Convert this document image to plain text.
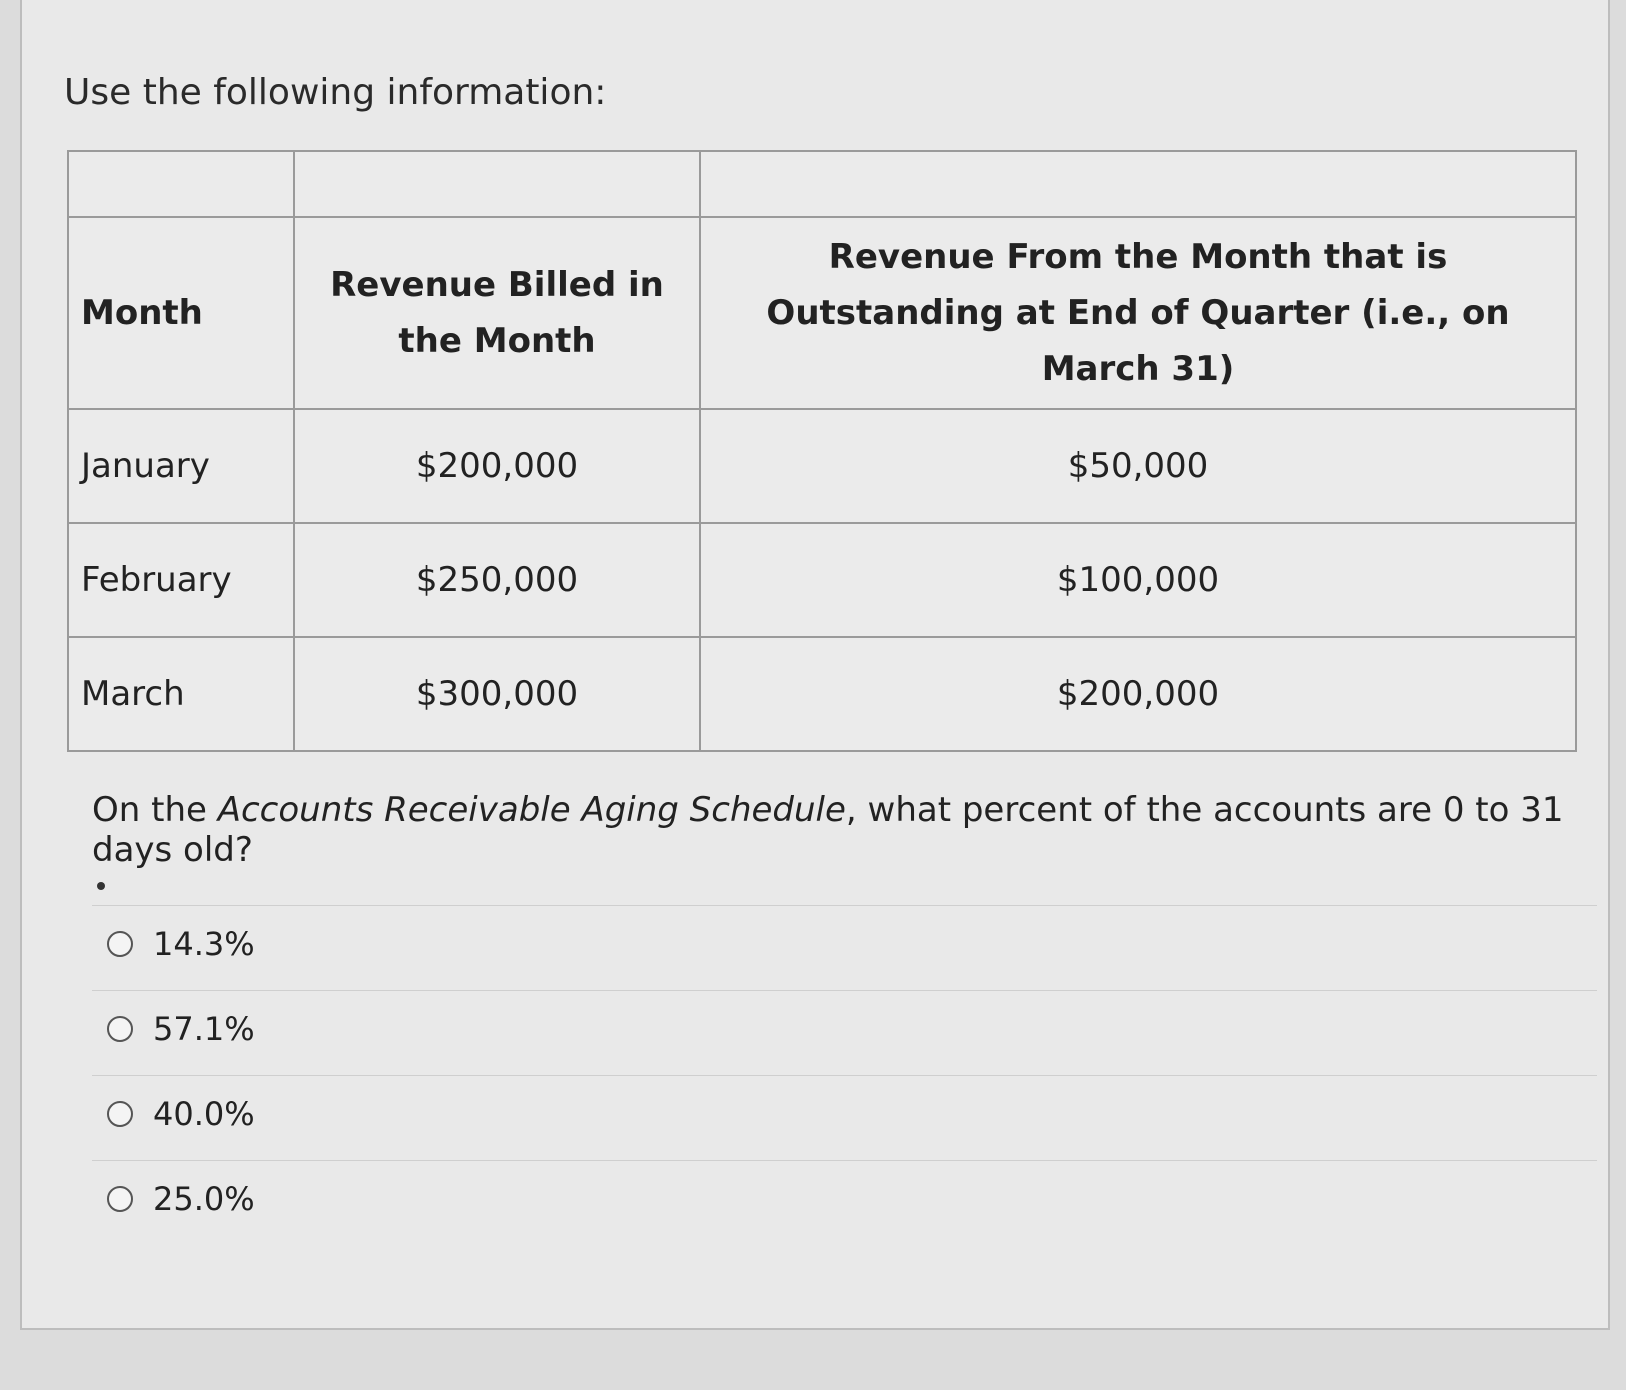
Use the following information:

Month	Revenue Billed in the Month	Revenue From the Month that is Outstanding at End of Quarter (i.e., on March 31)
January	$200,000	$50,000
February	$250,000	$100,000
March	$300,000	$200,000

On the Accounts Receivable Aging Schedule, what percent of the accounts are 0 to 31 days old?

14.3%
57.1%
40.0%
25.0%
